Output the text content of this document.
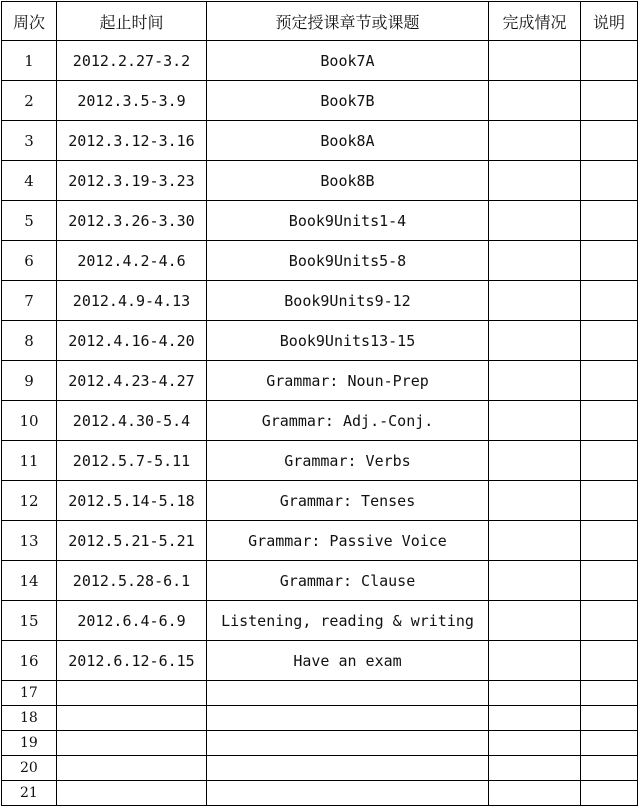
周次	起止时间	预定授课章节或课题	完成情况	说明
1	2012.2.27-3.2	Book7A		
2	2012.3.5-3.9	Book7B		
3	2012.3.12-3.16	Book8A		
4	2012.3.19-3.23	Book8B		
5	2012.3.26-3.30	Book9Units1-4		
6	2012.4.2-4.6	Book9Units5-8		
7	2012.4.9-4.13	Book9Units9-12		
8	2012.4.16-4.20	Book9Units13-15		
9	2012.4.23-4.27	Grammar: Noun-Prep		
10	2012.4.30-5.4	Grammar: Adj.-Conj.		
11	2012.5.7-5.11	Grammar: Verbs		
12	2012.5.14-5.18	Grammar: Tenses		
13	2012.5.21-5.21	Grammar: Passive Voice		
14	2012.5.28-6.1	Grammar: Clause		
15	2012.6.4-6.9	Listening, reading & writing		
16	2012.6.12-6.15	Have an exam		
17				
18				
19				
20				
21				
